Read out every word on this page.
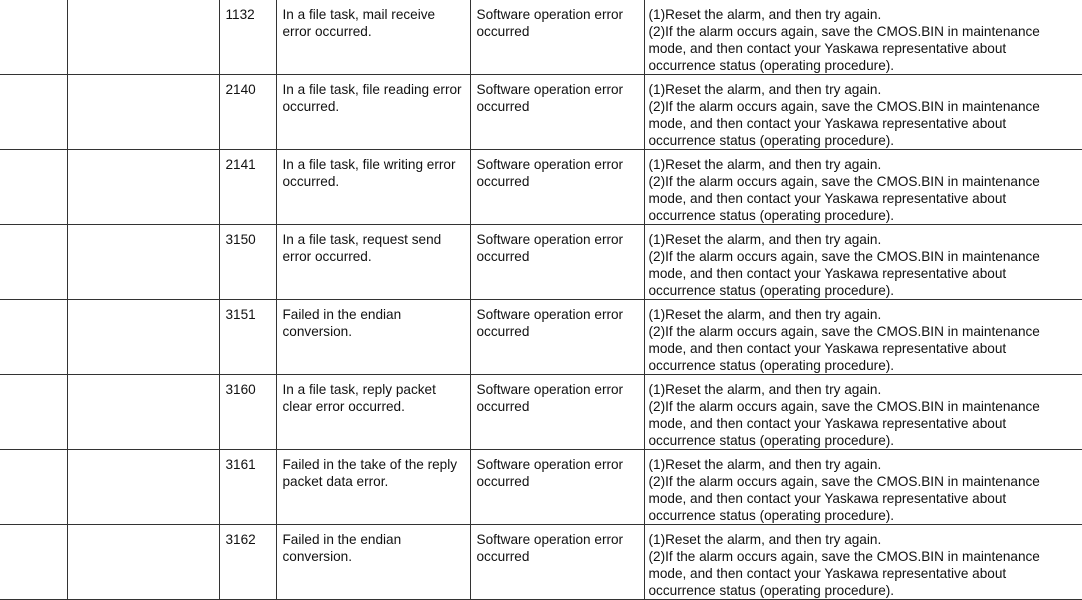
		1132	In a file task, mail receive error occurred.	Software operation error occurred	(1)Reset the alarm, and then try again.
(2)If the alarm occurs again, save the CMOS.BIN in maintenance mode, and then contact your Yaskawa representative about occurrence status (operating procedure).

		2140	In a file task, file reading error occurred.	Software operation error occurred	(1)Reset the alarm, and then try again.
(2)If the alarm occurs again, save the CMOS.BIN in maintenance mode, and then contact your Yaskawa representative about occurrence status (operating procedure).

		2141	In a file task, file writing error occurred.	Software operation error occurred	(1)Reset the alarm, and then try again.
(2)If the alarm occurs again, save the CMOS.BIN in maintenance mode, and then contact your Yaskawa representative about occurrence status (operating procedure).

		3150	In a file task, request send error occurred.	Software operation error occurred	(1)Reset the alarm, and then try again.
(2)If the alarm occurs again, save the CMOS.BIN in maintenance mode, and then contact your Yaskawa representative about occurrence status (operating procedure).

		3151	Failed in the endian conversion.	Software operation error occurred	(1)Reset the alarm, and then try again.
(2)If the alarm occurs again, save the CMOS.BIN in maintenance mode, and then contact your Yaskawa representative about occurrence status (operating procedure).

		3160	In a file task, reply packet clear error occurred.	Software operation error occurred	(1)Reset the alarm, and then try again.
(2)If the alarm occurs again, save the CMOS.BIN in maintenance mode, and then contact your Yaskawa representative about occurrence status (operating procedure).

		3161	Failed in the take of the reply packet data error.	Software operation error occurred	(1)Reset the alarm, and then try again.
(2)If the alarm occurs again, save the CMOS.BIN in maintenance mode, and then contact your Yaskawa representative about occurrence status (operating procedure).

		3162	Failed in the endian conversion.	Software operation error occurred	(1)Reset the alarm, and then try again.
(2)If the alarm occurs again, save the CMOS.BIN in maintenance mode, and then contact your Yaskawa representative about occurrence status (operating procedure).
